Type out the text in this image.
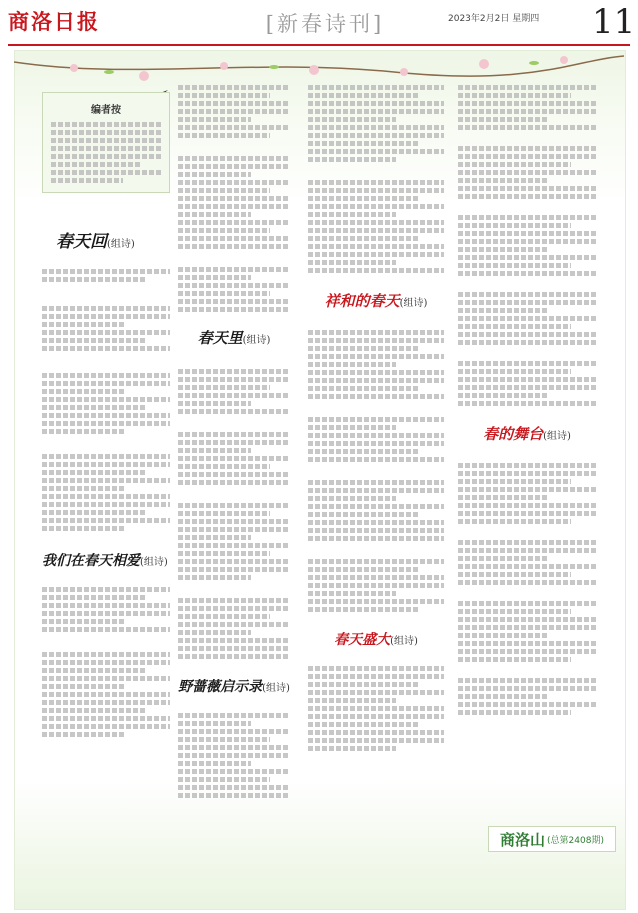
商洛日报	[新春诗刊]	2023年2月2日 星期四 11
编者按
春天回(组诗)
我们在春天相爱(组诗)
春天里(组诗)
野蔷薇启示录(组诗)
祥和的春天(组诗)
春天盛大(组诗)
春的舞台(组诗)
商洛山 (总第2408期)
